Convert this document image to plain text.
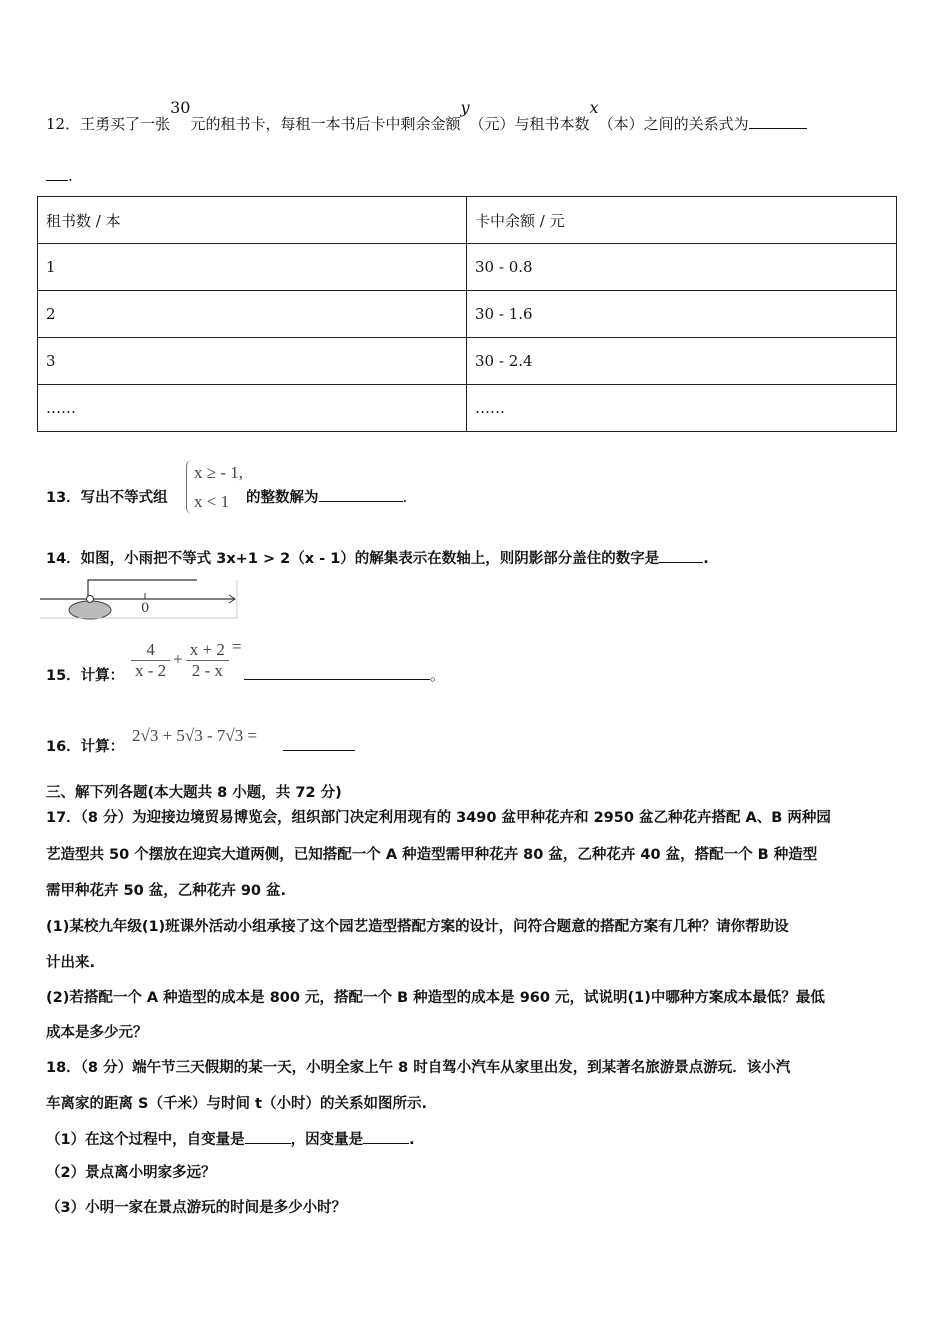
12．王勇买了一张30元的租书卡，每租一本书后卡中剩余金额y（元）与租书本数x（本）之间的关系式为
.
租书数 / 本	卡中余额 / 元
1	30 - 0.8
2	30 - 1.6
3	30 - 2.4
……	……
13．写出不等式组
x ≥ - 1,
x < 1 的整数解为	.
14．如图，小雨把不等式 3x+1 > 2（x - 1）的解集表示在数轴上，则阴影部分盖住的数字是	.
0
15．计算： $\frac{4}{x - 2} + \frac{x + 2}{2 - x}$ =
。
16．计算：
2√3 + 5√3 - 7√3 =
三、解下列各题(本大题共 8 小题，共 72 分)
17．（8 分）为迎接边境贸易博览会，组织部门决定利用现有的 3490 盆甲种花卉和 2950 盆乙种花卉搭配 A、B 两种园
艺造型共 50 个摆放在迎宾大道两侧，已知搭配一个 A 种造型需甲种花卉 80 盆，乙种花卉 40 盆，搭配一个 B 种造型
需甲种花卉 50 盆，乙种花卉 90 盆.
(1)某校九年级(1)班课外活动小组承接了这个园艺造型搭配方案的设计，问符合题意的搭配方案有几种？请你帮助设
计出来.
(2)若搭配一个 A 种造型的成本是 800 元，搭配一个 B 种造型的成本是 960 元，试说明(1)中哪种方案成本最低？最低
成本是多少元？
18．（8 分）端午节三天假期的某一天，小明全家上午 8 时自驾小汽车从家里出发，到某著名旅游景点游玩．该小汽
车离家的距离 S（千米）与时间 t（小时）的关系如图所示.
（1）在这个过程中，自变量是	，因变量是	.
（2）景点离小明家多远？
（3）小明一家在景点游玩的时间是多少小时？
